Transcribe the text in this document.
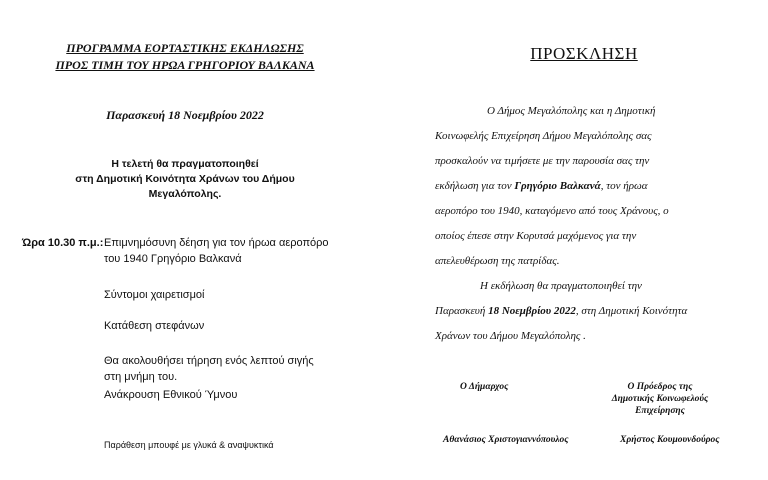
ΠΡΟΓΡΑΜΜΑ ΕΟΡΤΑΣΤΙΚΗΣ ΕΚΔΗΛΩΣΗΣ
ΠΡΟΣ ΤΙΜΗ ΤΟΥ ΗΡΩΑ ΓΡΗΓΟΡΙΟΥ ΒΑΛΚΑΝΑ
Παρασκευή 18 Νοεμβρίου 2022
Η τελετή θα πραγματοποιηθεί
στη Δημοτική Κοινότητα Χράνων του Δήμου
Μεγαλόπολης.
Ώρα 10.30 π.μ.: Επιμνημόσυνη δέηση για τον ήρωα αεροπόρο
του 1940 Γρηγόριο Βαλκανά
Σύντομοι χαιρετισμοί
Κατάθεση στεφάνων
Θα ακολουθήσει τήρηση ενός λεπτού σιγής
στη μνήμη του.
Ανάκρουση Εθνικού Ύμνου
Παράθεση μπουφέ με γλυκά & αναψυκτικά
ΠΡΟΣΚΛΗΣΗ
Ο Δήμος Μεγαλόπολης και η Δημοτική
Κοινωφελής Επιχείρηση Δήμου Μεγαλόπολης σας
προσκαλούν να τιμήσετε με την παρουσία σας την
εκδήλωση για τον Γρηγόριο Βαλκανά, τον ήρωα
αεροπόρο του 1940, καταγόμενο από τους Χράνους, ο
οποίος έπεσε στην Κορυτσά μαχόμενος για την
απελευθέρωση της πατρίδας.
Η εκδήλωση θα πραγματοποιηθεί την
Παρασκευή 18 Νοεμβρίου 2022, στη Δημοτική Κοινότητα
Χράνων του Δήμου Μεγαλόπολης .
Ο Δήμαρχος	Ο Πρόεδρος της
Δημοτικής Κοινωφελούς
Επιχείρησης
Αθανάσιος Χριστογιαννόπουλος	Χρήστος Κουμουνδούρος
